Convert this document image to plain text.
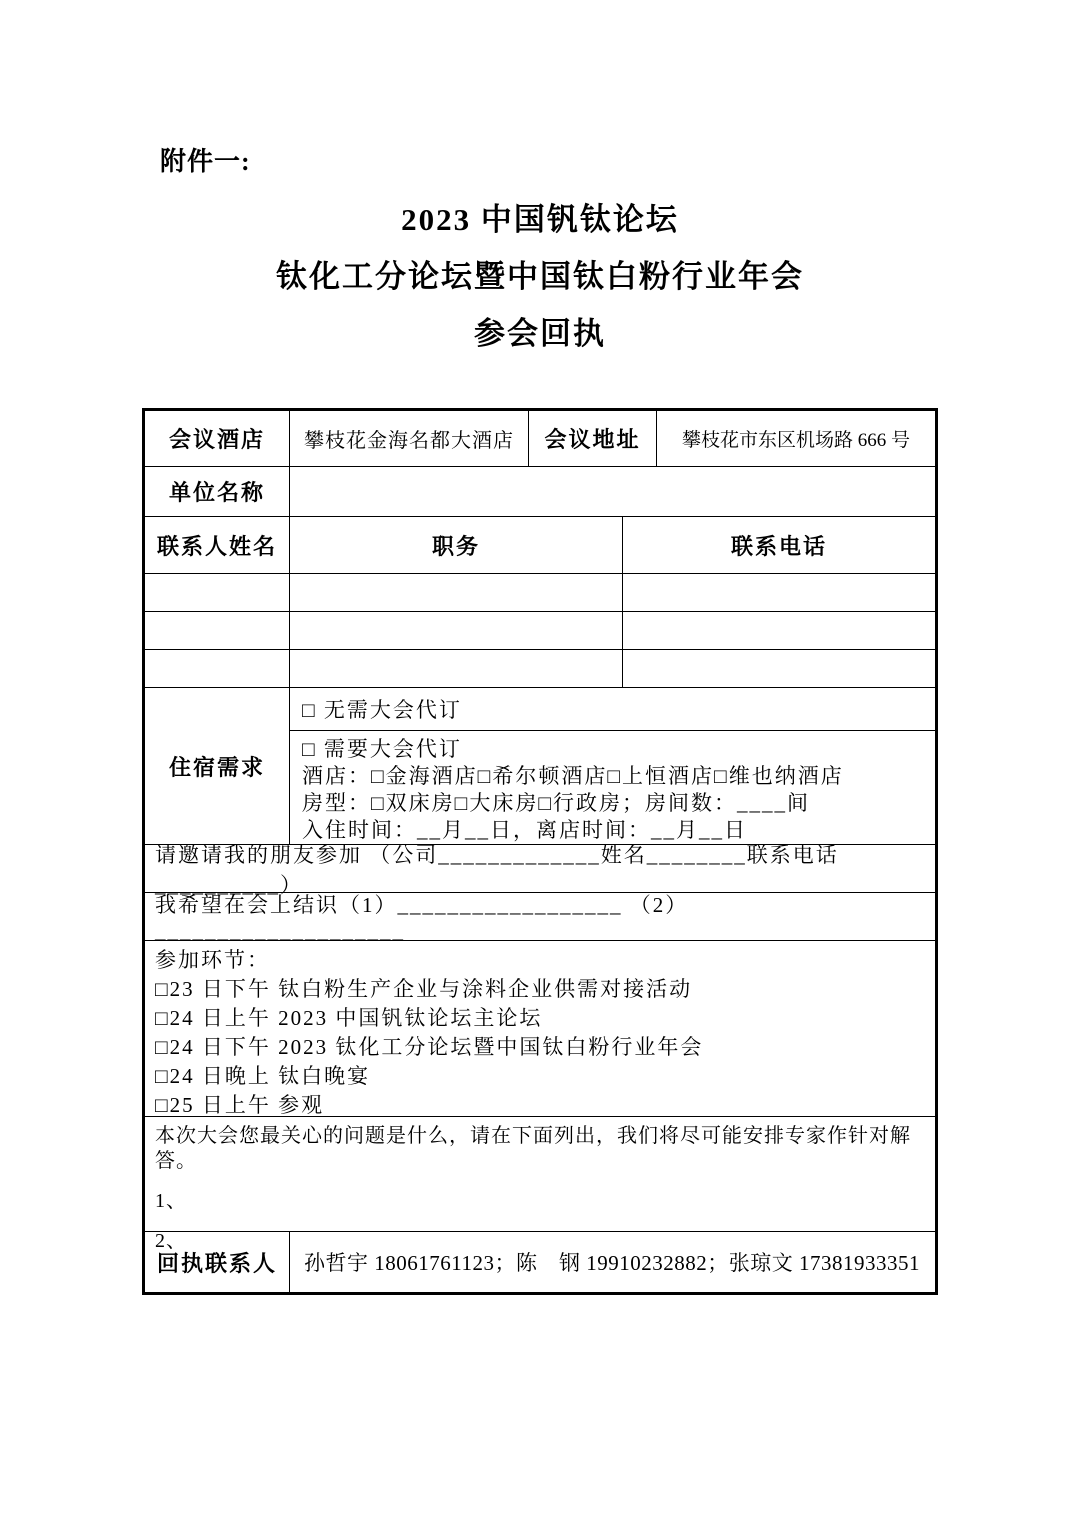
附件一:
2023 中国钒钛论坛
钛化工分论坛暨中国钛白粉行业年会
参会回执
会议酒店	攀枝花金海名都大酒店	会议地址	攀枝花市东区机场路 666 号
单位名称
联系人姓名	职务	联系电话
住宿需求
□ 无需大会代订
□ 需要大会代订
酒店：□金海酒店□希尔顿酒店□上恒酒店□维也纳酒店
房型：□双床房□大床房□行政房；房间数：____间
入住时间：__月__日，离店时间：__月__日
请邀请我的朋友参加 （公司_____________姓名________联系电话__________）
我希望在会上结识（1）__________________ （2）____________________
参加环节：
□23 日下午 钛白粉生产企业与涂料企业供需对接活动
□24 日上午 2023 中国钒钛论坛主论坛
□24 日下午 2023 钛化工分论坛暨中国钛白粉行业年会
□24 日晚上 钛白晚宴
□25 日上午 参观
本次大会您最关心的问题是什么，请在下面列出，我们将尽可能安排专家作针对解答。
1、
2、
回执联系人	孙哲宇 18061761123；陈　钢 19910232882；张琼文 17381933351
